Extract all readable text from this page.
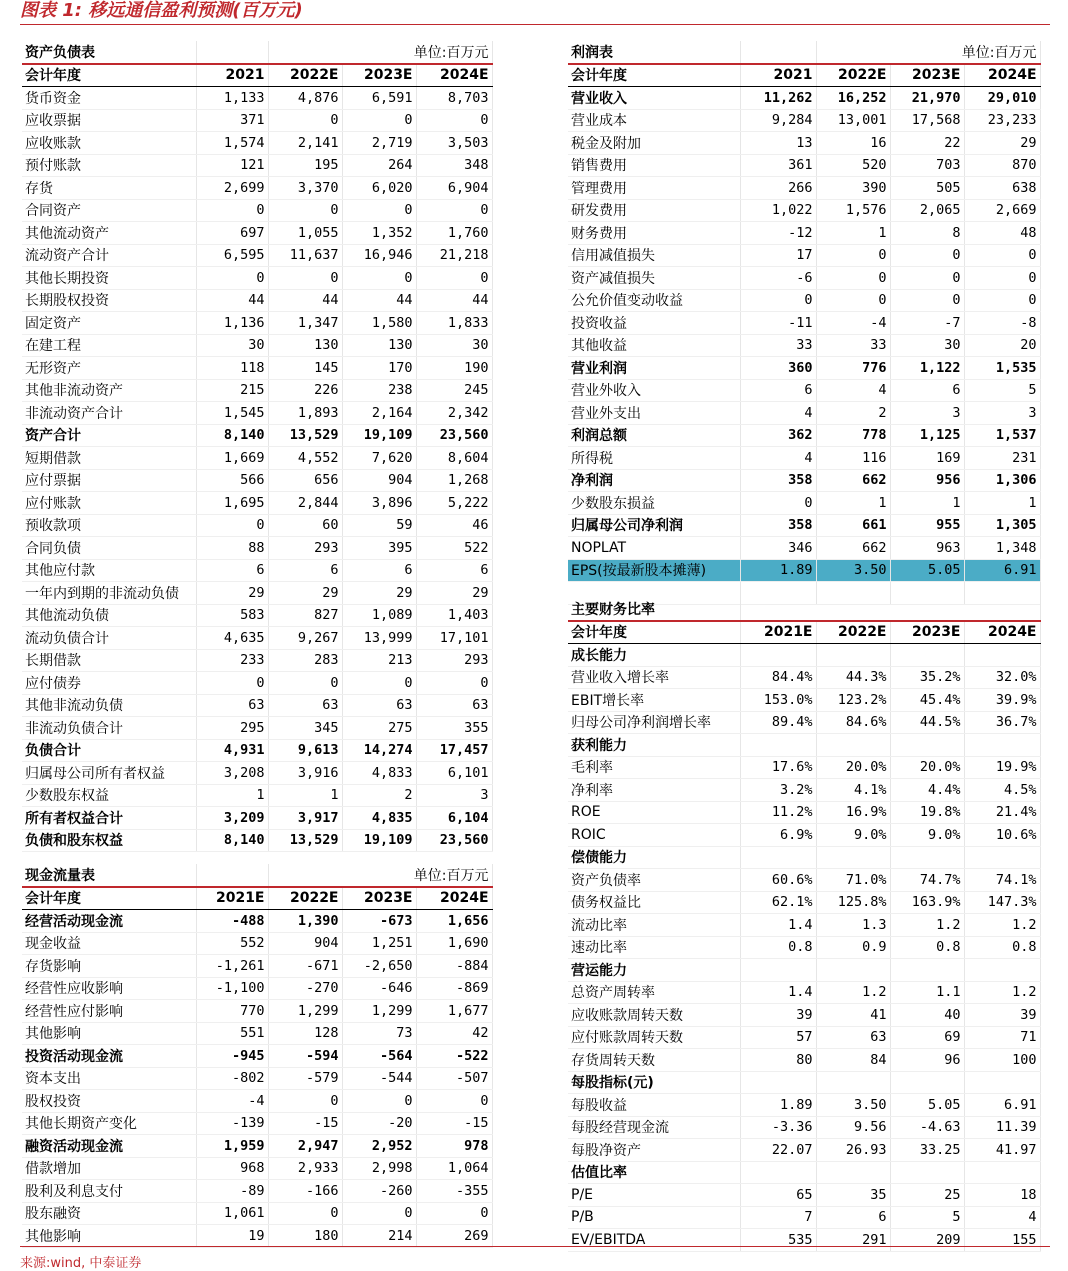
图表 1: 移远通信盈利预测(百万元)
资产负债表		单位:百万元		
会计年度	2021	2022E	2023E	2024E
货币资金	1,133	4,876	6,591	8,703
应收票据	371	0	0	0
应收账款	1,574	2,141	2,719	3,503
预付账款	121	195	264	348
存货	2,699	3,370	6,020	6,904
合同资产	0	0	0	0
其他流动资产	697	1,055	1,352	1,760
流动资产合计	6,595	11,637	16,946	21,218
其他长期投资	0	0	0	0
长期股权投资	44	44	44	44
固定资产	1,136	1,347	1,580	1,833
在建工程	30	130	130	30
无形资产	118	145	170	190
其他非流动资产	215	226	238	245
非流动资产合计	1,545	1,893	2,164	2,342
资产合计	8,140	13,529	19,109	23,560
短期借款	1,669	4,552	7,620	8,604
应付票据	566	656	904	1,268
应付账款	1,695	2,844	3,896	5,222
预收款项	0	60	59	46
合同负债	88	293	395	522
其他应付款	6	6	6	6
一年内到期的非流动负债	29	29	29	29
其他流动负债	583	827	1,089	1,403
流动负债合计	4,635	9,267	13,999	17,101
长期借款	233	283	213	293
应付债券	0	0	0	0
其他非流动负债	63	63	63	63
非流动负债合计	295	345	275	355
负债合计	4,931	9,613	14,274	17,457
归属母公司所有者权益	3,208	3,916	4,833	6,101
少数股东权益	1	1	2	3
所有者权益合计	3,209	3,917	4,835	6,104
负债和股东权益	8,140	13,529	19,109	23,560
现金流量表		单位:百万元		
会计年度	2021E	2022E	2023E	2024E
经营活动现金流	-488	1,390	-673	1,656
现金收益	552	904	1,251	1,690
存货影响	-1,261	-671	-2,650	-884
经营性应收影响	-1,100	-270	-646	-869
经营性应付影响	770	1,299	1,299	1,677
其他影响	551	128	73	42
投资活动现金流	-945	-594	-564	-522
资本支出	-802	-579	-544	-507
股权投资	-4	0	0	0
其他长期资产变化	-139	-15	-20	-15
融资活动现金流	1,959	2,947	2,952	978
借款增加	968	2,933	2,998	1,064
股利及利息支付	-89	-166	-260	-355
股东融资	1,061	0	0	0
其他影响	19	180	214	269
利润表		单位:百万元		
会计年度	2021	2022E	2023E	2024E
营业收入	11,262	16,252	21,970	29,010
营业成本	9,284	13,001	17,568	23,233
税金及附加	13	16	22	29
销售费用	361	520	703	870
管理费用	266	390	505	638
研发费用	1,022	1,576	2,065	2,669
财务费用	-12	1	8	48
信用减值损失	17	0	0	0
资产减值损失	-6	0	0	0
公允价值变动收益	0	0	0	0
投资收益	-11	-4	-7	-8
其他收益	33	33	30	20
营业利润	360	776	1,122	1,535
营业外收入	6	4	6	5
营业外支出	4	2	3	3
利润总额	362	778	1,125	1,537
所得税	4	116	169	231
净利润	358	662	956	1,306
少数股东损益	0	1	1	1
归属母公司净利润	358	661	955	1,305
NOPLAT	346	662	963	1,348
EPS(按最新股本摊薄)	1.89	3.50	5.05	6.91

主要财务比率				
会计年度	2021E	2022E	2023E	2024E
成长能力				
营业收入增长率	84.4%	44.3%	35.2%	32.0%
EBIT增长率	153.0%	123.2%	45.4%	39.9%
归母公司净利润增长率	89.4%	84.6%	44.5%	36.7%
获利能力				
毛利率	17.6%	20.0%	20.0%	19.9%
净利率	3.2%	4.1%	4.4%	4.5%
ROE	11.2%	16.9%	19.8%	21.4%
ROIC	6.9%	9.0%	9.0%	10.6%
偿债能力				
资产负债率	60.6%	71.0%	74.7%	74.1%
债务权益比	62.1%	125.8%	163.9%	147.3%
流动比率	1.4	1.3	1.2	1.2
速动比率	0.8	0.9	0.8	0.8
营运能力				
总资产周转率	1.4	1.2	1.1	1.2
应收账款周转天数	39	41	40	39
应付账款周转天数	57	63	69	71
存货周转天数	80	84	96	100
每股指标(元)				
每股收益	1.89	3.50	5.05	6.91
每股经营现金流	-3.36	9.56	-4.63	11.39
每股净资产	22.07	26.93	33.25	41.97
估值比率				
P/E	65	35	25	18
P/B	7	6	5	4
EV/EBITDA	535	291	209	155
来源:wind, 中泰证券
